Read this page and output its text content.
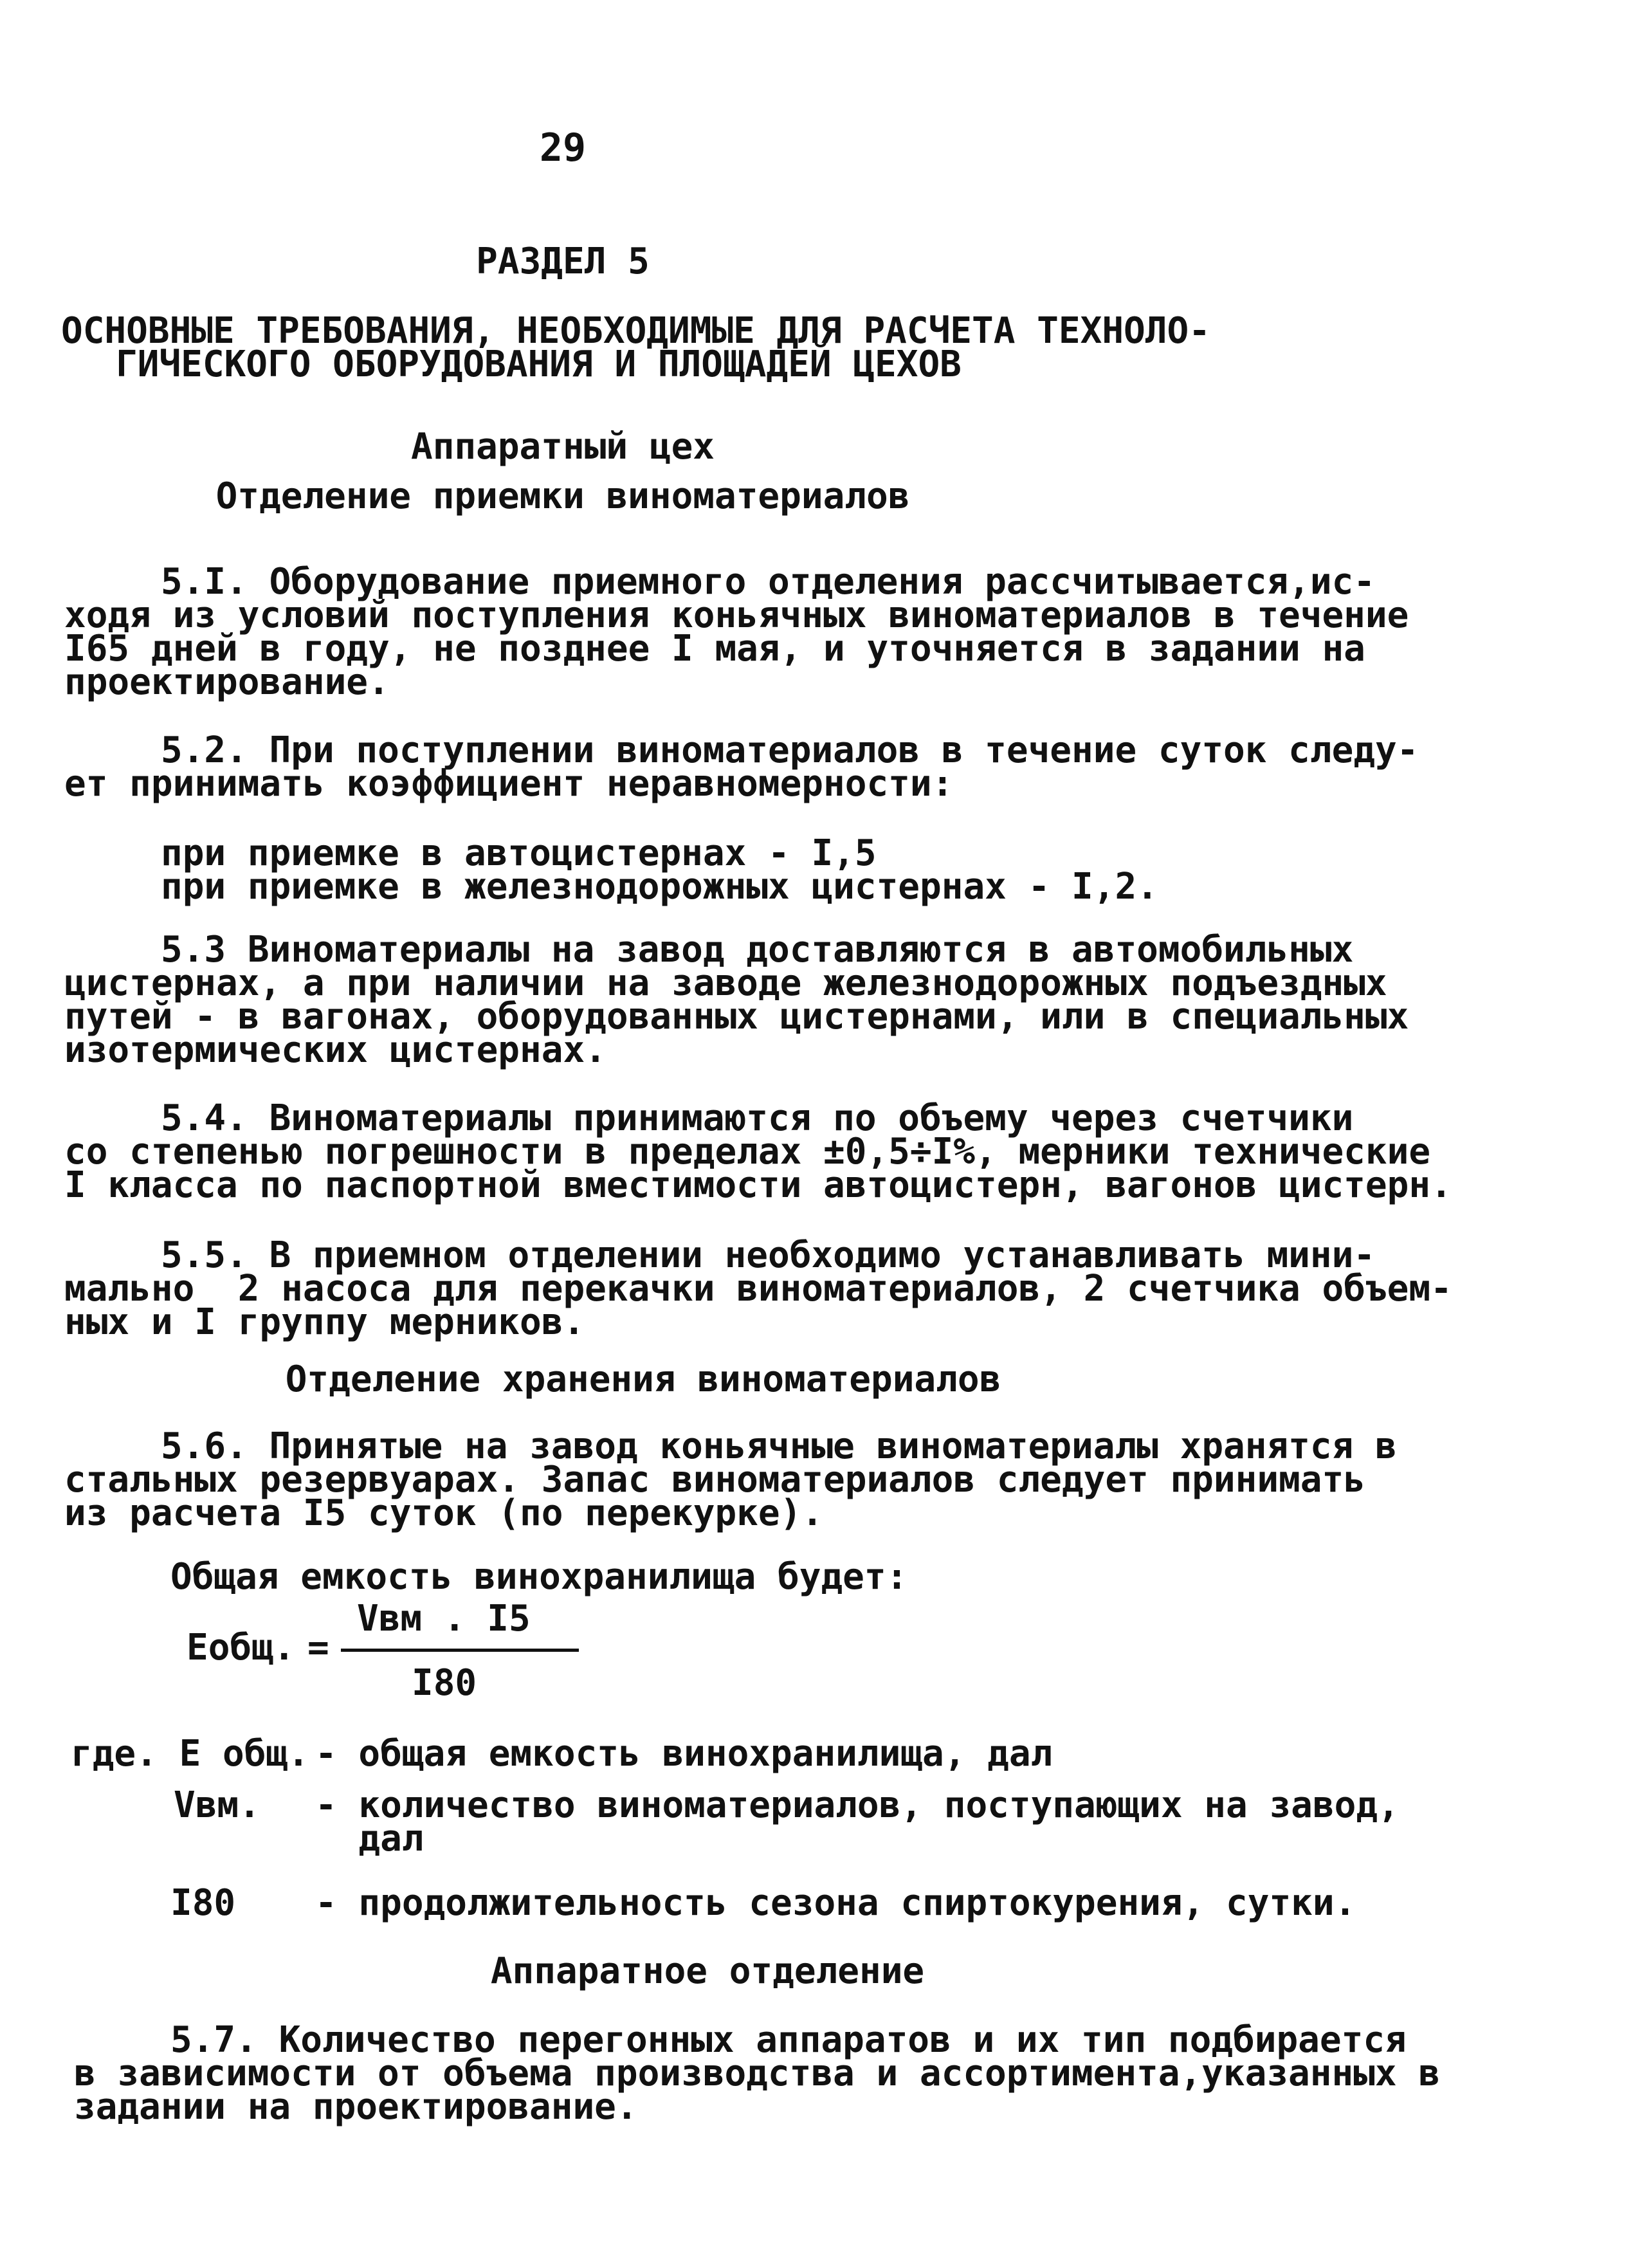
29
РАЗДЕЛ 5
ОСНОВНЫЕ ТРЕБОВАНИЯ, НЕОБХОДИМЫЕ ДЛЯ РАСЧЕТА ТЕХНОЛО-
ГИЧЕСКОГО ОБОРУДОВАНИЯ И ПЛОЩАДЕЙ ЦЕХОВ
Аппаратный цех
Отделение приемки виноматериалов
5.I. Оборудование приемного отделения рассчитывается,ис-
ходя из условий поступления коньячных виноматериалов в течение
I65 дней в году, не позднее I мая, и уточняется в задании на
проектирование.
5.2. При поступлении виноматериалов в течение суток следу-
ет принимать коэффициент неравномерности:
при приемке в автоцистернах - I,5
при приемке в железнодорожных цистернах - I,2.
5.3 Виноматериалы на завод доставляются в автомобильных
цистернах, а при наличии на заводе железнодорожных подъездных
путей - в вагонах, оборудованных цистернами, или в специальных
изотермических цистернах.
5.4. Виноматериалы принимаются по объему через счетчики
со степенью погрешности в пределах ±0,5÷I%, мерники технические
I класса по паспортной вместимости автоцистерн, вагонов цистерн.
5.5. В приемном отделении необходимо устанавливать мини-
мально  2 насоса для перекачки виноматериалов, 2 счетчика объем-
ных и I группу мерников.
Отделение хранения виноматериалов
5.6. Принятые на завод коньячные виноматериалы хранятся в
стальных резервуарах. Запас виноматериалов следует принимать
из расчета I5 суток (по перекурке).
Общая емкость винохранилища будет:
Еобщ. =
Vвм . I5
I80
где. Е общ. - общая емкость винохранилища, дал
Vвм. - количество виноматериалов, поступающих на завод,
дал
I80 - продолжительность сезона спиртокурения, сутки.
Аппаратное отделение
5.7. Количество перегонных аппаратов и их тип подбирается
в зависимости от объема производства и ассортимента,указанных в
задании на проектирование.
